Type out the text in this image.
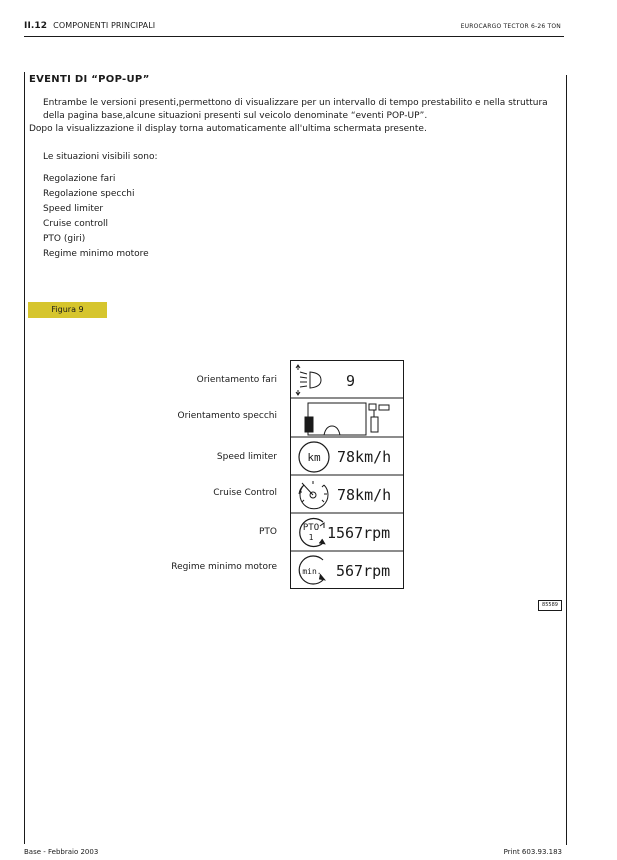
II.12 COMPONENTI PRINCIPALI	EUROCARGO TECTOR 6-26 TON
EVENTI DI “POP-UP”
Entrambe le versioni presenti,permettono di visualizzare per un intervallo di tempo prestabilito e nella struttura della pagina base,alcune situazioni presenti sul veicolo denominate “eventi POP-UP”.
Dopo la visualizzazione il display torna automaticamente all'ultima schermata presente.
Le situazioni visibili sono:
Regolazione fari
Regolazione specchi
Speed limiter
Cruise controll
PTO (giri)
Regime minimo motore
Figura 9
Orientamento fari
Orientamento specchi
Speed limiter
Cruise Control
PTO
Regime minimo motore
9
km 78km/h
78km/h
PTO
1 1567rpm
min. 567rpm
85589
Base - Febbraio 2003	Print 603.93.183
